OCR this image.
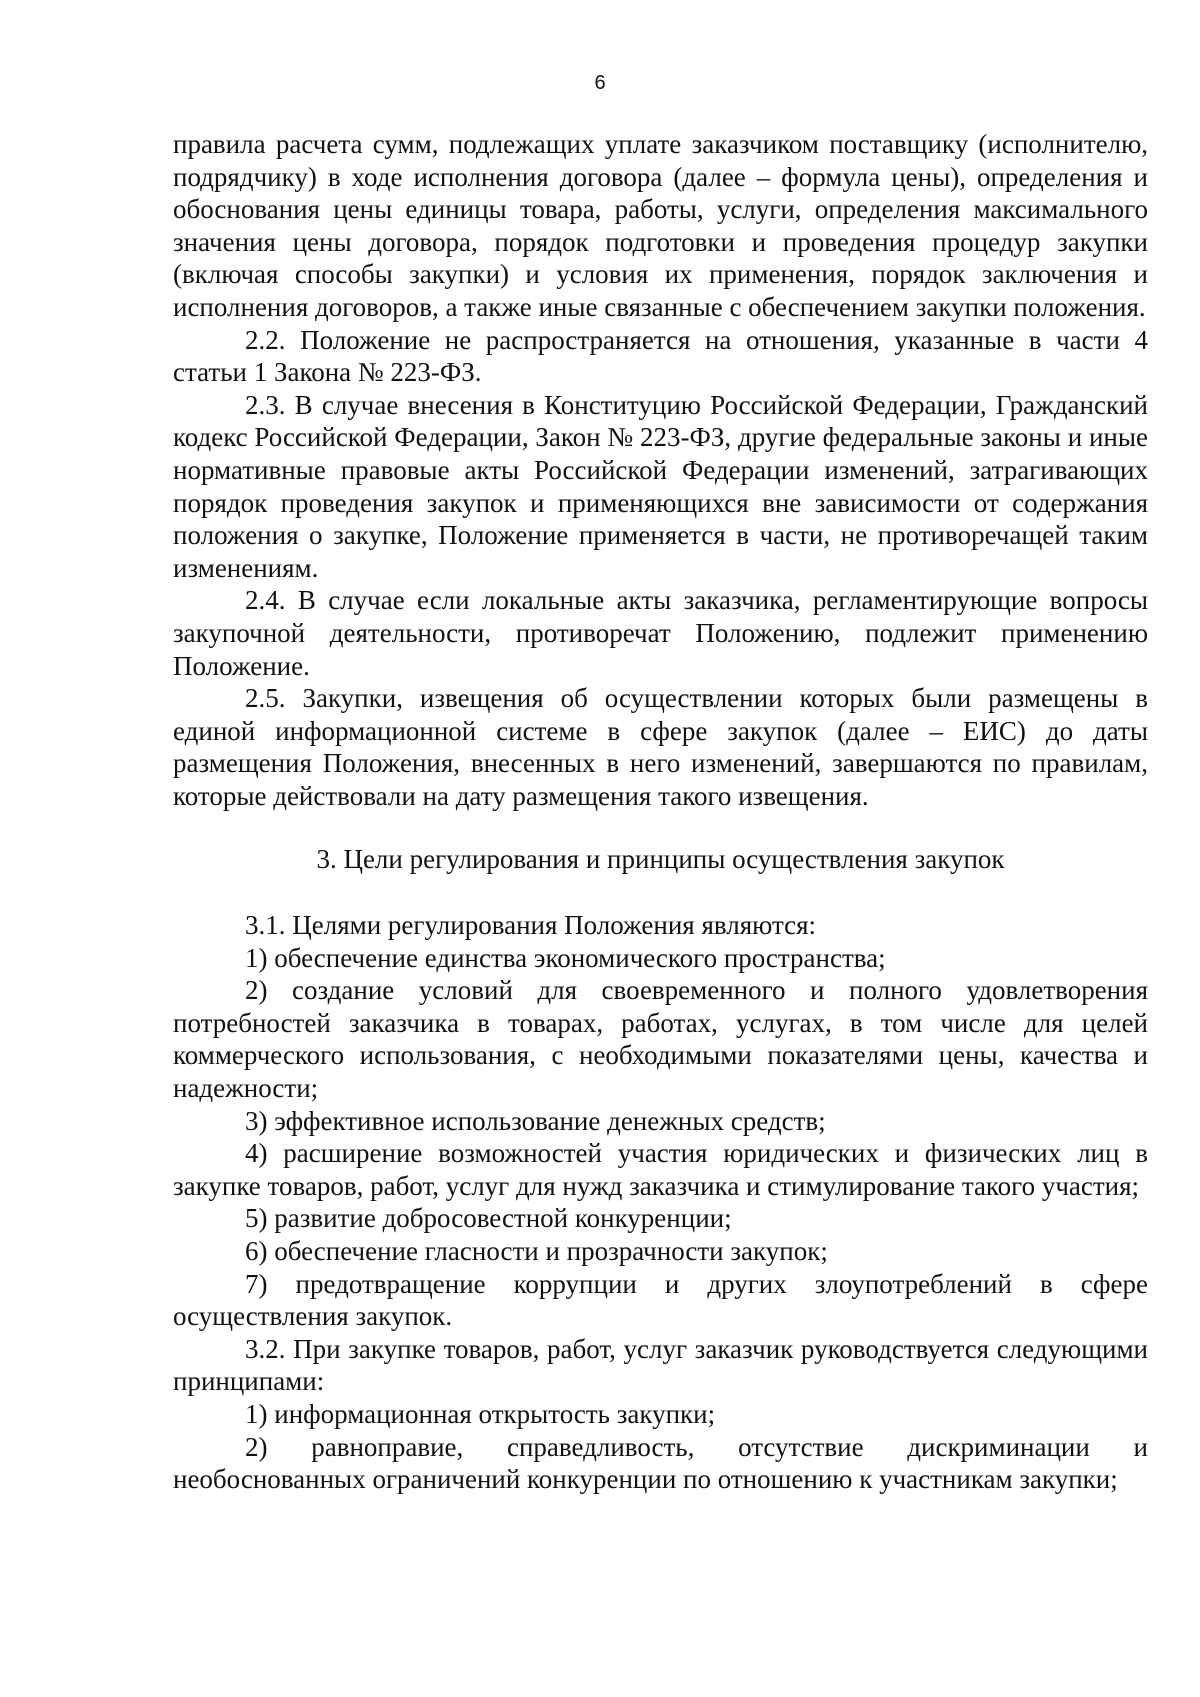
6

правила расчета сумм, подлежащих уплате заказчиком поставщику (исполнителю, подрядчику) в ходе исполнения договора (далее – формула цены), определения и обоснования цены единицы товара, работы, услуги, определения максимального значения цены договора, порядок подготовки и проведения процедур закупки (включая способы закупки) и условия их применения, порядок заключения и исполнения договоров, а также иные связанные с обеспечением закупки положения.

2.2. Положение не распространяется на отношения, указанные в части 4 статьи 1 Закона № 223-ФЗ.

2.3. В случае внесения в Конституцию Российской Федерации, Гражданский кодекс Российской Федерации, Закон № 223-ФЗ, другие федеральные законы и иные нормативные правовые акты Российской Федерации изменений, затрагивающих порядок проведения закупок и применяющихся вне зависимости от содержания положения о закупке, Положение применяется в части, не противоречащей таким изменениям.

2.4. В случае если локальные акты заказчика, регламентирующие вопросы закупочной деятельности, противоречат Положению, подлежит применению Положение.

2.5. Закупки, извещения об осуществлении которых были размещены в единой информационной системе в сфере закупок (далее – ЕИС) до даты размещения Положения, внесенных в него изменений, завершаются по правилам, которые действовали на дату размещения такого извещения.

3. Цели регулирования и принципы осуществления закупок

3.1. Целями регулирования Положения являются:

1) обеспечение единства экономического пространства;

2) создание условий для своевременного и полного удовлетворения потребностей заказчика в товарах, работах, услугах, в том числе для целей коммерческого использования, с необходимыми показателями цены, качества и надежности;

3) эффективное использование денежных средств;

4) расширение возможностей участия юридических и физических лиц в закупке товаров, работ, услуг для нужд заказчика и стимулирование такого участия;

5) развитие добросовестной конкуренции;

6) обеспечение гласности и прозрачности закупок;

7) предотвращение коррупции и других злоупотреблений в сфере осуществления закупок.

3.2. При закупке товаров, работ, услуг заказчик руководствуется следующими принципами:

1) информационная открытость закупки;

2) равноправие, справедливость, отсутствие дискриминации и необоснованных ограничений конкуренции по отношению к участникам закупки;
